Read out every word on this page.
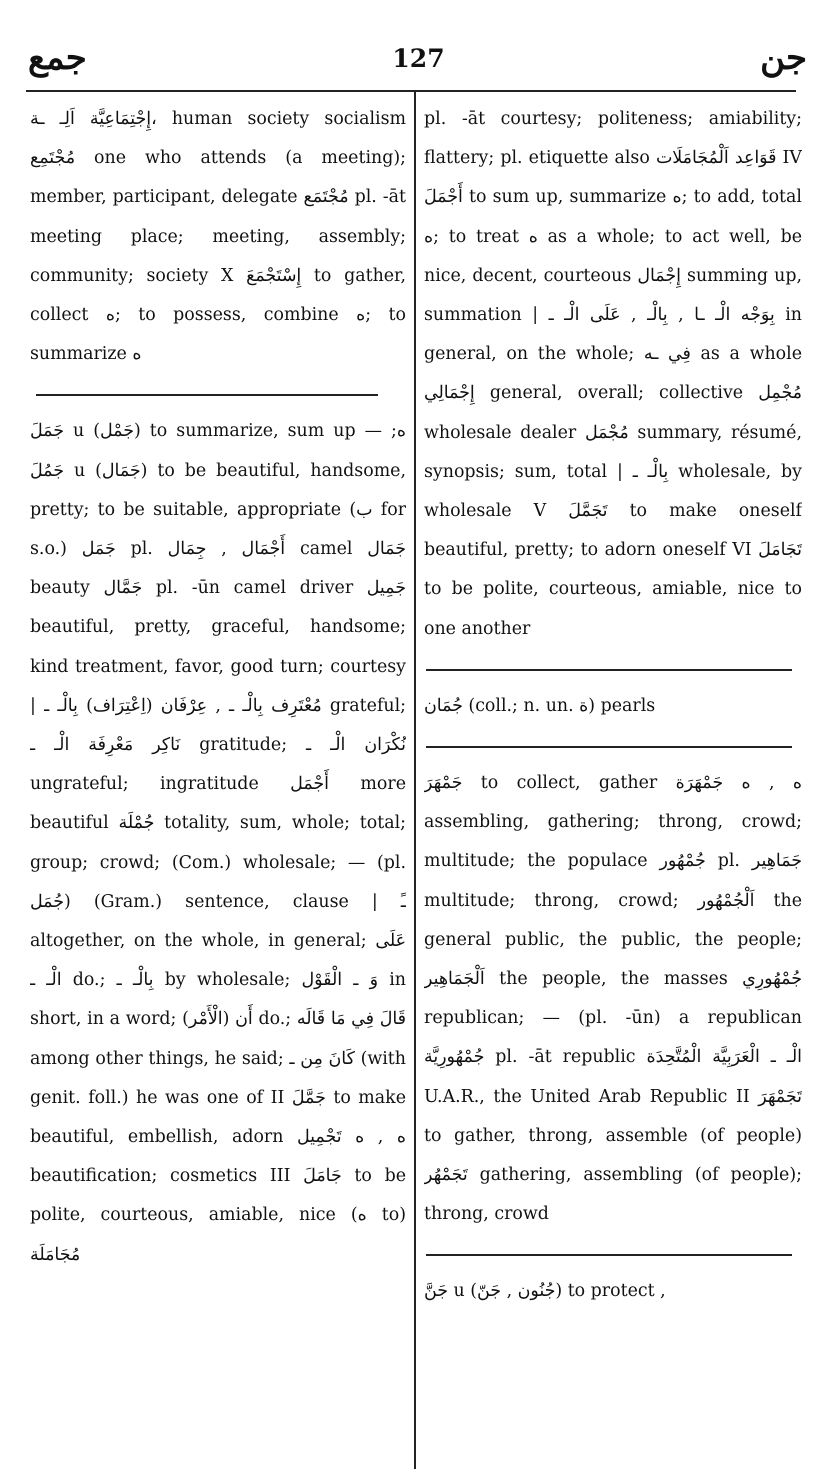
جمع	127	جن

إِجْتِمَاعِيَّة اَلِـ ـة، human society socialism مُجْتَمِع one who attends (a meeting); member, participant, delegate مُجْتَمَع pl. -āt meeting place; meeting, assembly; community; society X إِسْتَجْمَعَ to gather, collect ه; to possess, combine ه; to summarize ه

جَمَلَ u (جَمْل) to summarize, sum up ه; — جَمُلَ u (جَمَال) to be beautiful, handsome, pretty; to be suitable, appropriate (ب for s.o.) جَمَل pl. أَجْمَال , جِمَال camel جَمَال beauty جَمَّال pl. -ūn camel driver جَمِيل beautiful, pretty, graceful, handsome; kind treatment, favor, good turn; courtesy | مُعْتَرِف بِالْـ ـ , عِرْفَان (اِعْتِرَاف) بِالْـ ـ grateful; نَاكِر مَعْرِفَة الْـ ـ gratitude; نُكْرَان الْـ ـ ungrateful; ingratitude أَجْمَل more beautiful جُمْلَة totality, sum, whole; total; group; crowd; (Com.) wholesale; — (pl. جُمَل) (Gram.) sentence, clause | ـً altogether, on the whole, in general; عَلَى الْـ ـ do.; بِالْـ ـ by wholesale; وَ ـ الْقَوْل in short, in a word; (الْأَمْر) أَن do.; قَالَ فِي مَا قَالَه among other things, he said; كَانَ مِن ـ (with genit. foll.) he was one of II جَمَّلَ to make beautiful, embellish, adorn ه , ه تَجْمِيل beautification; cosmetics III جَامَلَ to be polite, courteous, amiable, nice (ه to) مُجَامَلَة

pl. -āt courtesy; politeness; amiability; flattery; pl. etiquette also قَوَاعِد اَلْمُجَامَلَات IV أَجْمَلَ to sum up, summarize ه; to add, total ه; to treat ه as a whole; to act well, be nice, decent, courteous إِجْمَال summing up, summation | بِوَجْه الْـ ـا , بِالْـ , عَلَى الْـ ـ in general, on the whole; فِي ـه as a whole إِجْمَالِي general, overall; collective مُجْمِل wholesale dealer مُجْمَل summary, résumé, synopsis; sum, total | بِالْـ ـ wholesale, by wholesale V تَجَمَّلَ to make oneself beautiful, pretty; to adorn oneself VI تَجَامَلَ to be polite, courteous, amiable, nice to one another

جُمَان (coll.; n. un. ة) pearls

جَمْهَرَ to collect, gather ه , ه جَمْهَرَة assembling, gathering; throng, crowd; multitude; the populace جُمْهُور pl. جَمَاهِير multitude; throng, crowd; اَلْجُمْهُور the general public, the public, the people; اَلْجَمَاهِير the people, the masses جُمْهُورِي republican; — (pl. -ūn) a republican جُمْهُورِيَّة pl. -āt republic الْـ ـ الْعَرَبِيَّة الْمُتَّحِدَة U.A.R., the United Arab Republic II تَجَمْهَرَ to gather, throng, assemble (of people) تَجَمْهُر gathering, assembling (of people); throng, crowd

جَنَّ u (جُنُون , جَنّ) to protect ,
